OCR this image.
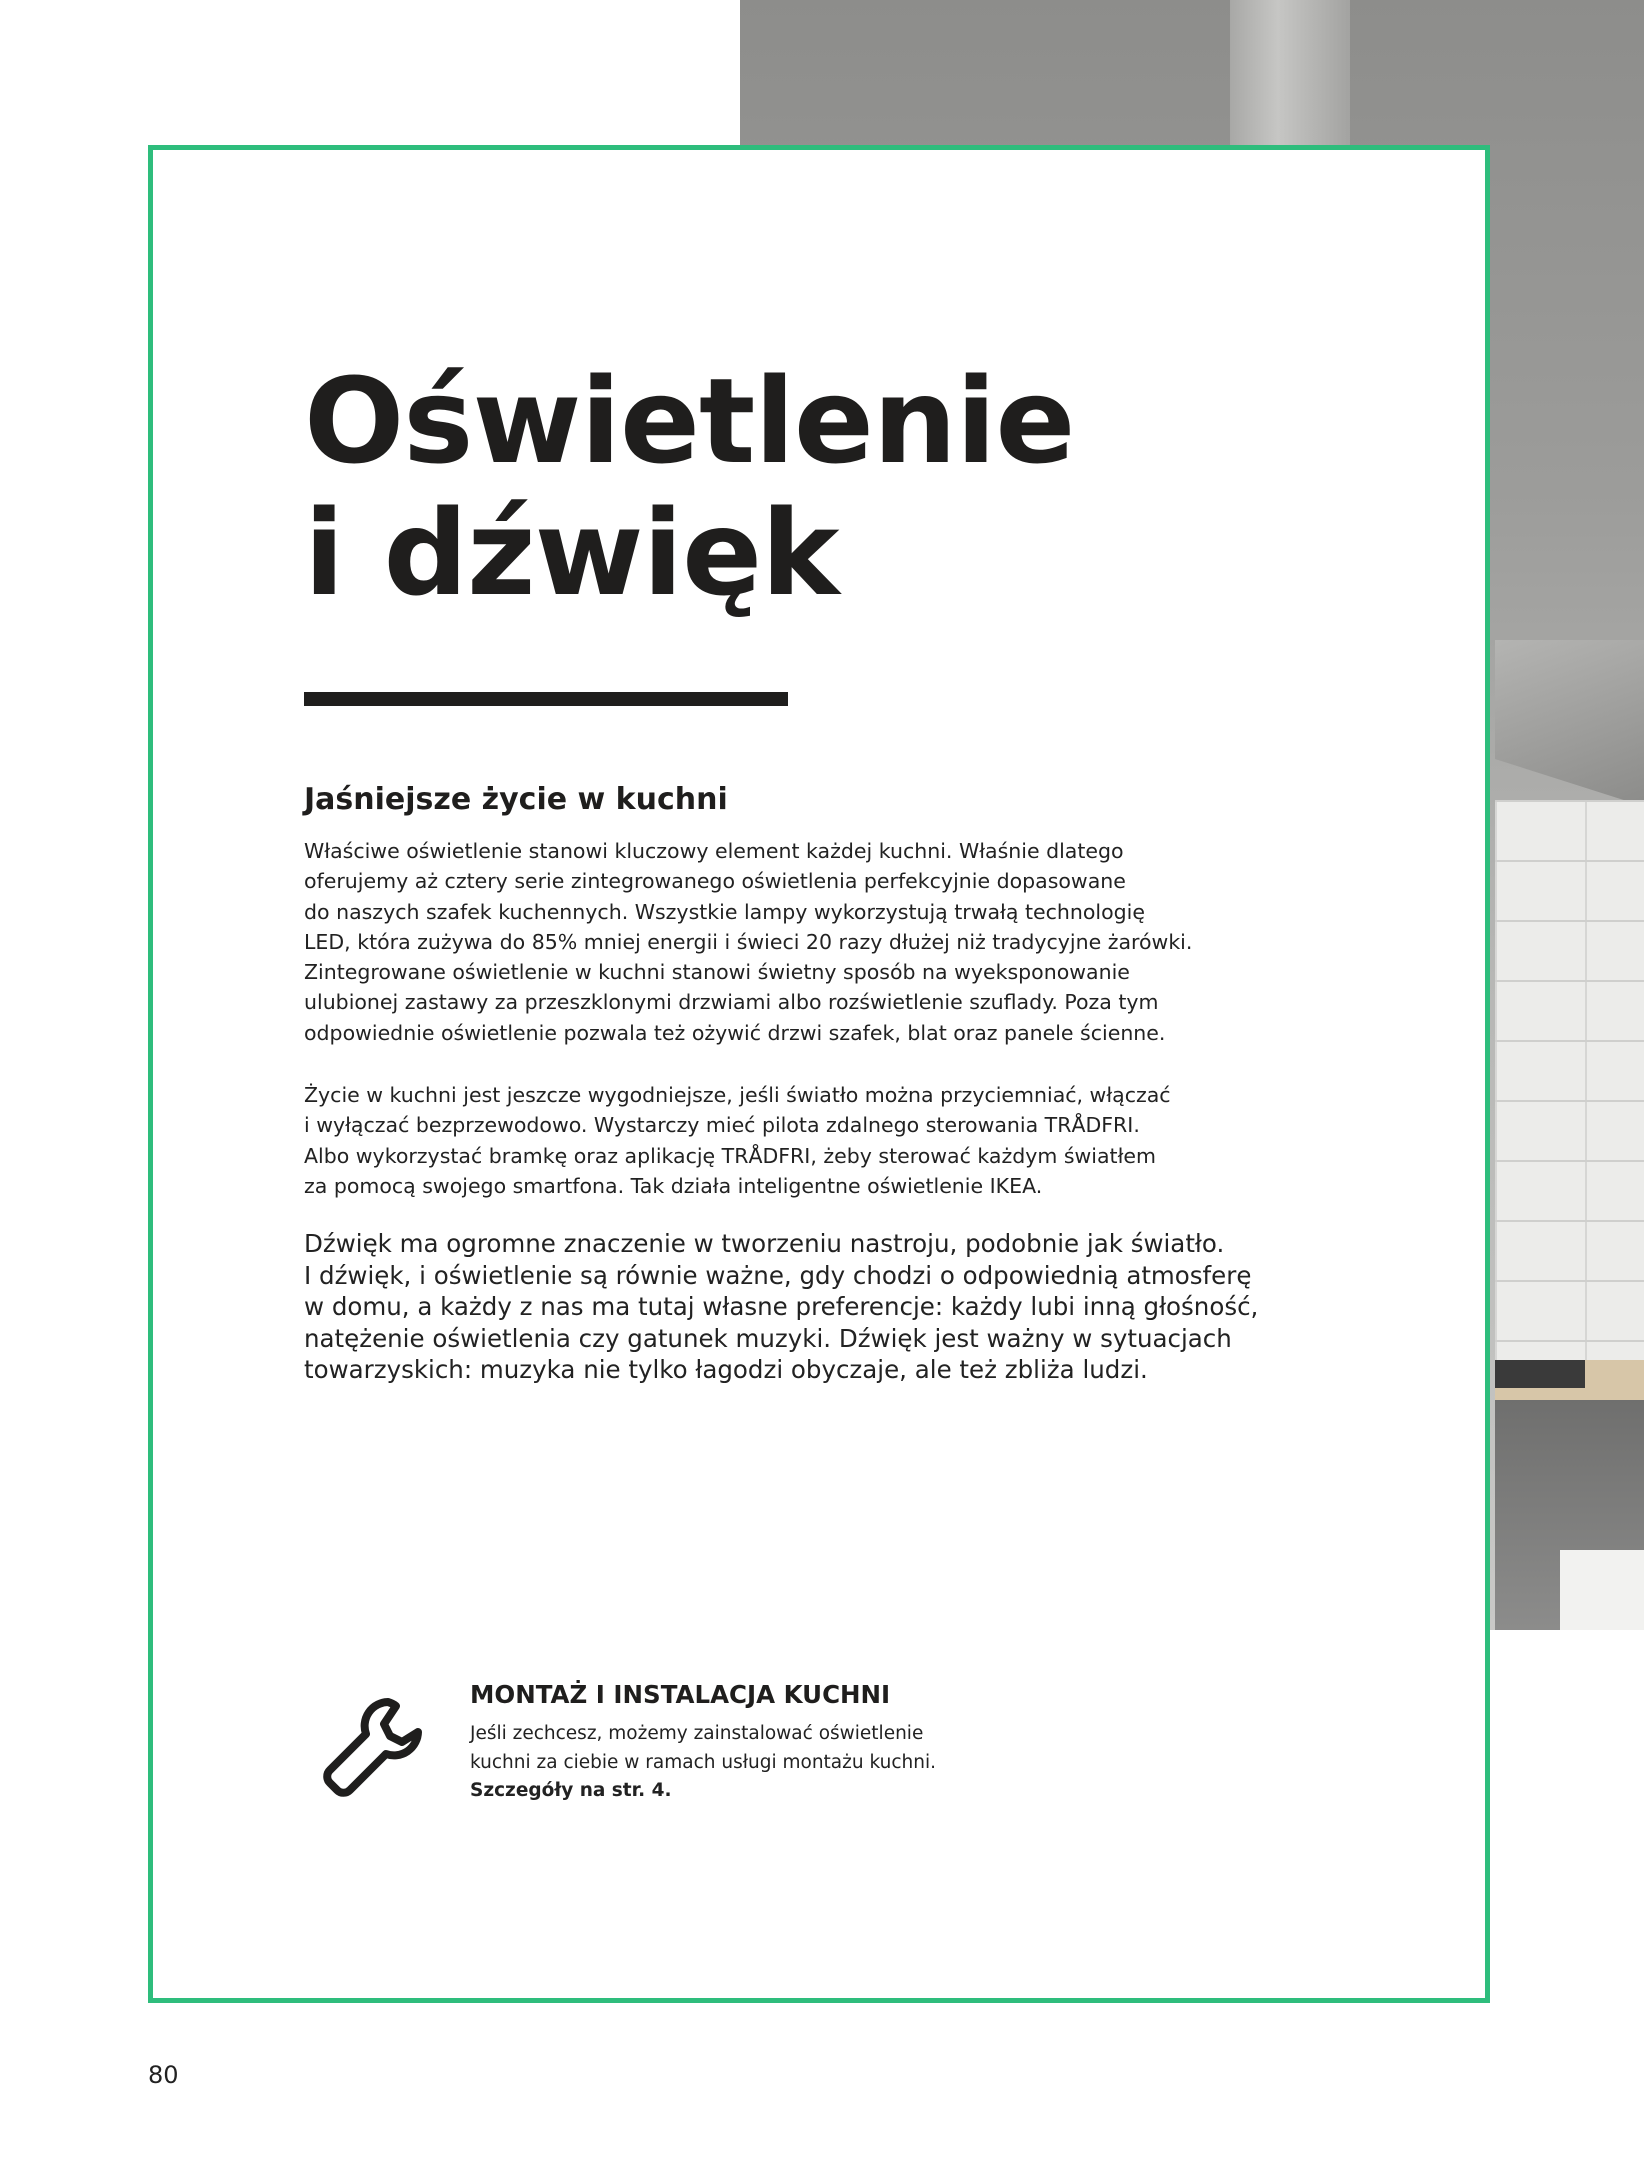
Oświetlenie
i dźwięk
Jaśniejsze życie w kuchni

Właściwe oświetlenie stanowi kluczowy element każdej kuchni. Właśnie dlatego
oferujemy aż cztery serie zintegrowanego oświetlenia perfekcyjnie dopasowane
do naszych szafek kuchennych. Wszystkie lampy wykorzystują trwałą technologię
LED, która zużywa do 85% mniej energii i świeci 20 razy dłużej niż tradycyjne żarówki.
Zintegrowane oświetlenie w kuchni stanowi świetny sposób na wyeksponowanie
ulubionej zastawy za przeszklonymi drzwiami albo rozświetlenie szuflady. Poza tym
odpowiednie oświetlenie pozwala też ożywić drzwi szafek, blat oraz panele ścienne.

Życie w kuchni jest jeszcze wygodniejsze, jeśli światło można przyciemniać, włączać
i wyłączać bezprzewodowo. Wystarczy mieć pilota zdalnego sterowania TRÅDFRI.
Albo wykorzystać bramkę oraz aplikację TRÅDFRI, żeby sterować każdym światłem
za pomocą swojego smartfona. Tak działa inteligentne oświetlenie IKEA.

Dźwięk ma ogromne znaczenie w tworzeniu nastroju, podobnie jak światło.
I dźwięk, i oświetlenie są równie ważne, gdy chodzi o odpowiednią atmosferę
w domu, a każdy z nas ma tutaj własne preferencje: każdy lubi inną głośność,
natężenie oświetlenia czy gatunek muzyki. Dźwięk jest ważny w sytuacjach
towarzyskich: muzyka nie tylko łagodzi obyczaje, ale też zbliża ludzi.

MONTAŻ I INSTALACJA KUCHNI

Jeśli zechcesz, możemy zainstalować oświetlenie
kuchni za ciebie w ramach usługi montażu kuchni.
Szczegóły na str. 4.

80
